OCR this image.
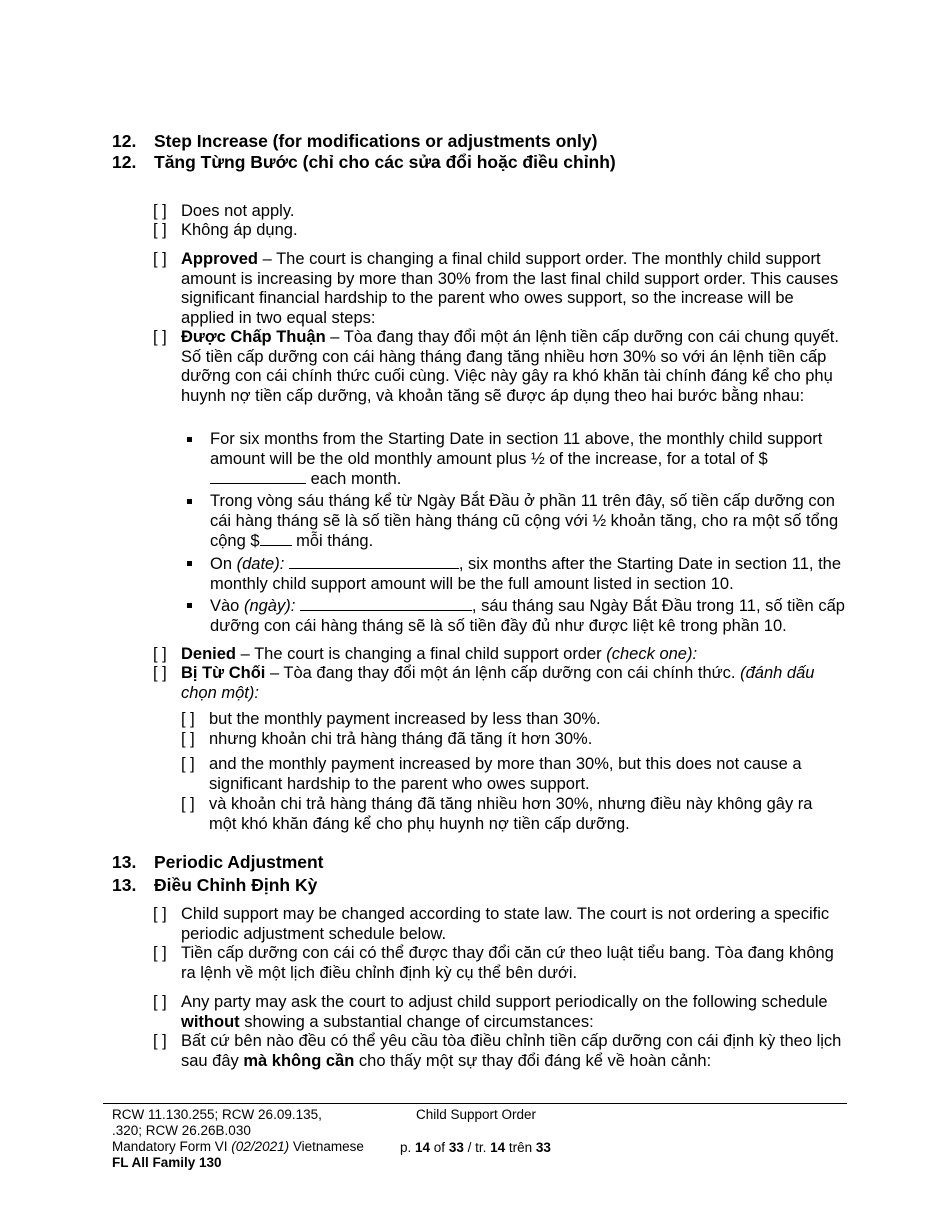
12. Step Increase (for modifications or adjustments only)
12. Tăng Từng Bước (chỉ cho các sửa đổi hoặc điều chỉnh)
[ ] Does not apply.
[ ] Không áp dụng.
[ ] Approved – The court is changing a final child support order. The monthly child support amount is increasing by more than 30% from the last final child support order. This causes significant financial hardship to the parent who owes support, so the increase will be applied in two equal steps:
[ ] Được Chấp Thuận – Tòa đang thay đổi một án lệnh tiền cấp dưỡng con cái chung quyết. Số tiền cấp dưỡng con cái hàng tháng đang tăng nhiều hơn 30% so với án lệnh tiền cấp dưỡng con cái chính thức cuối cùng. Việc này gây ra khó khăn tài chính đáng kể cho phụ huynh nợ tiền cấp dưỡng, và khoản tăng sẽ được áp dụng theo hai bước bằng nhau:
For six months from the Starting Date in section 11 above, the monthly child support amount will be the old monthly amount plus ½ of the increase, for a total of $ each month.
Trong vòng sáu tháng kể từ Ngày Bắt Đầu ở phần 11 trên đây, số tiền cấp dưỡng con cái hàng tháng sẽ là số tiền hàng tháng cũ cộng với ½ khoản tăng, cho ra một số tổng cộng $ mỗi tháng.
On (date):	, six months after the Starting Date in section 11, the monthly child support amount will be the full amount listed in section 10.
Vào (ngày):	, sáu tháng sau Ngày Bắt Đầu trong 11, số tiền cấp dưỡng con cái hàng tháng sẽ là số tiền đầy đủ như được liệt kê trong phần 10.
[ ] Denied – The court is changing a final child support order (check one):
[ ] Bị Từ Chối – Tòa đang thay đổi một án lệnh cấp dưỡng con cái chính thức. (đánh dấu chọn một):
[ ] but the monthly payment increased by less than 30%.
[ ] nhưng khoản chi trả hàng tháng đã tăng ít hơn 30%.
[ ] and the monthly payment increased by more than 30%, but this does not cause a significant hardship to the parent who owes support.
[ ] và khoản chi trả hàng tháng đã tăng nhiều hơn 30%, nhưng điều này không gây ra một khó khăn đáng kể cho phụ huynh nợ tiền cấp dưỡng.
13. Periodic Adjustment
13. Điều Chỉnh Định Kỳ
[ ] Child support may be changed according to state law. The court is not ordering a specific periodic adjustment schedule below.
[ ] Tiền cấp dưỡng con cái có thể được thay đổi căn cứ theo luật tiểu bang. Tòa đang không ra lệnh về một lịch điều chỉnh định kỳ cụ thể bên dưới.
[ ] Any party may ask the court to adjust child support periodically on the following schedule without showing a substantial change of circumstances:
[ ] Bất cứ bên nào đều có thể yêu cầu tòa điều chỉnh tiền cấp dưỡng con cái định kỳ theo lịch sau đây mà không cần cho thấy một sự thay đổi đáng kể về hoàn cảnh:
RCW 11.130.255; RCW 26.09.135,
.320; RCW 26.26B.030
Mandatory Form VI (02/2021) Vietnamese
FL All Family 130
Child Support Order
p. 14 of 33 / tr. 14 trên 33
